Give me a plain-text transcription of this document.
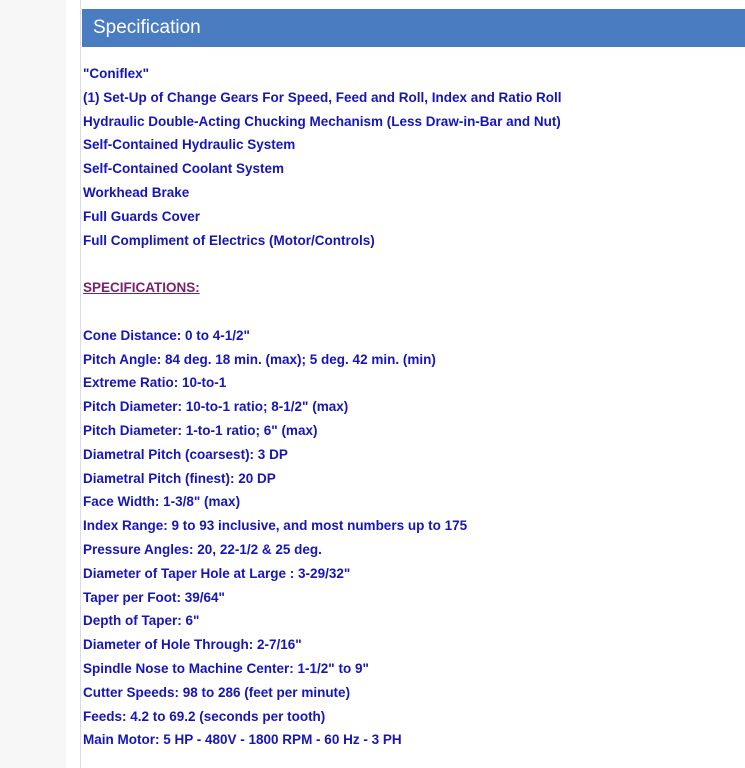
Specification
"Coniflex"
(1) Set-Up of Change Gears For Speed, Feed and Roll, Index and Ratio Roll
Hydraulic Double-Acting Chucking Mechanism (Less Draw-in-Bar and Nut)
Self-Contained Hydraulic System
Self-Contained Coolant System
Workhead Brake
Full Guards Cover
Full Compliment of Electrics (Motor/Controls)
SPECIFICATIONS:
Cone Distance: 0 to 4-1/2"
Pitch Angle: 84 deg. 18 min. (max); 5 deg. 42 min. (min)
Extreme Ratio: 10-to-1
Pitch Diameter: 10-to-1 ratio; 8-1/2" (max)
Pitch Diameter: 1-to-1 ratio; 6" (max)
Diametral Pitch (coarsest): 3 DP
Diametral Pitch (finest): 20 DP
Face Width: 1-3/8" (max)
Index Range: 9 to 93 inclusive, and most numbers up to 175
Pressure Angles: 20, 22-1/2 & 25 deg.
Diameter of Taper Hole at Large : 3-29/32"
Taper per Foot: 39/64"
Depth of Taper: 6"
Diameter of Hole Through: 2-7/16"
Spindle Nose to Machine Center: 1-1/2" to 9"
Cutter Speeds: 98 to 286 (feet per minute)
Feeds: 4.2 to 69.2 (seconds per tooth)
Main Motor: 5 HP - 480V - 1800 RPM - 60 Hz - 3 PH
